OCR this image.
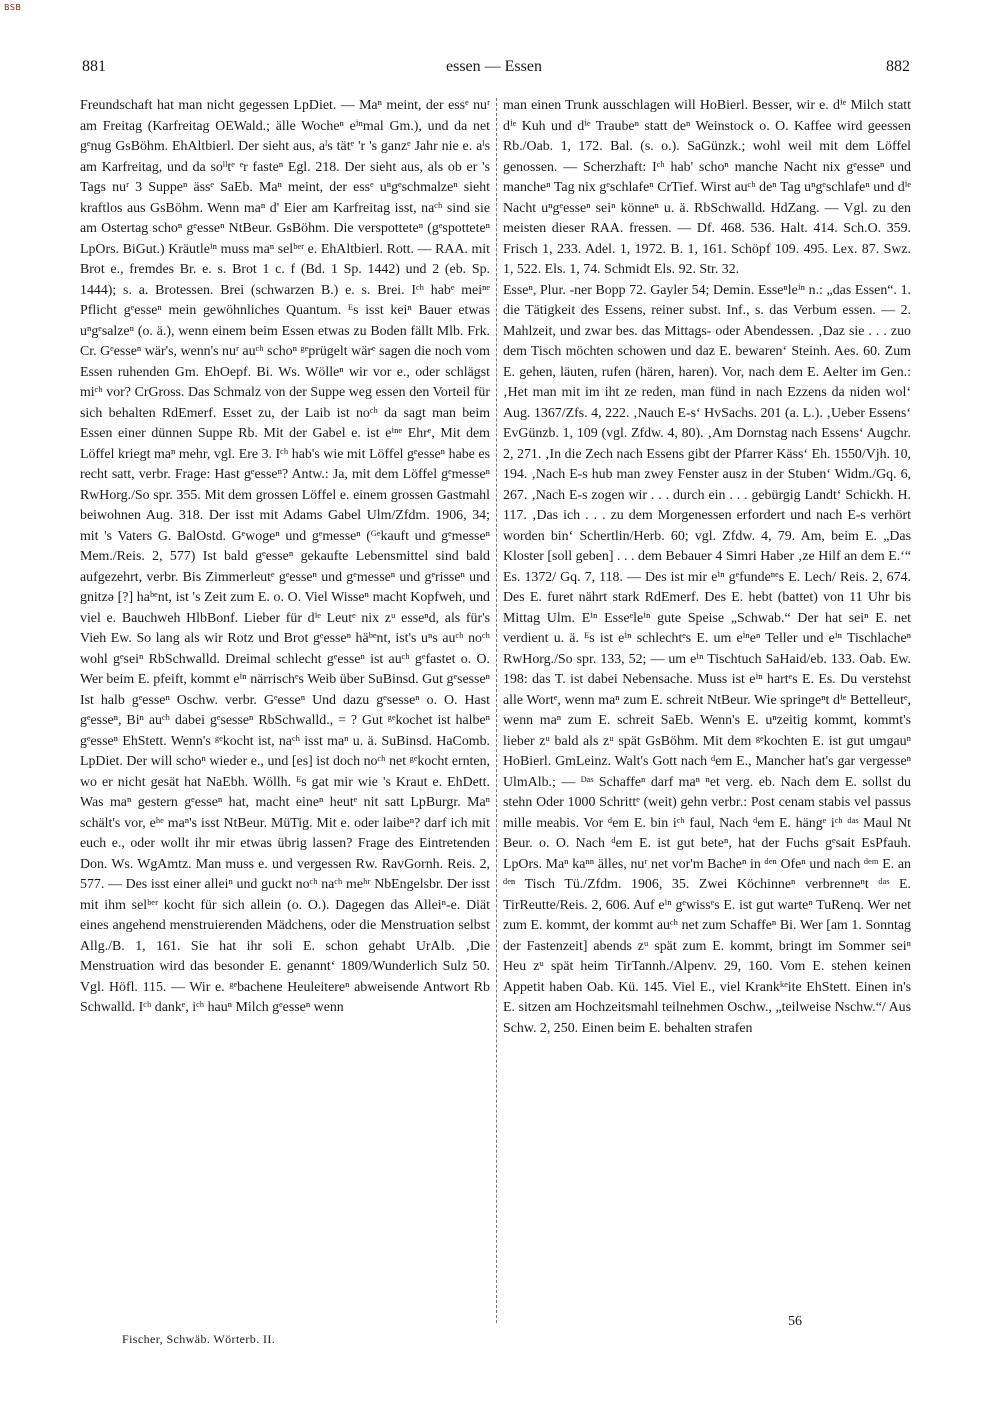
BSB
881	essen — Essen	882

Freundschaft hat man nicht gegessen LpDiet. — Maⁿ meint, der essᵉ nuʳ am Freitag (Karfreitag OEWald.; älle Wocheⁿ eⁱⁿmal Gm.), und da net gᵉnug GsBöhm. EhAltbierl. Der sieht aus, aˡs tätᵉ 'r 's ganzᵉ Jahr nie e. aˡs am Karfreitag, und da soˡˡtᵉ ᵉr fasteⁿ Egl. 218. Der sieht aus, als ob er 's Tags nuʳ 3 Suppeⁿ ässᵉ SaEb. Maⁿ meint, der essᵉ uⁿgᵉschmalzeⁿ sieht kraftlos aus GsBöhm. Wenn maⁿ d' Eier am Karfreitag isst, naᶜʰ sind sie am Ostertag schoⁿ gᵉesseⁿ NtBeur. GsBöhm. Die verspotteteⁿ (gᵉspotteteⁿ LpOrs. BiGut.) Kräutleⁱⁿ muss maⁿ selᵇᵉʳ e. EhAltbierl. Rott. — RAA. mit Brot e., fremdes Br. e. s. Brot 1 c. f (Bd. 1 Sp. 1442) und 2 (eb. Sp. 1444); s. a. Brotessen. Brei (schwarzen B.) e. s. Brei. Iᶜʰ habᵉ meiⁿᵉ Pflicht gᵉesseⁿ mein gewöhnliches Quantum. ᴱs isst keiⁿ Bauer etwas uⁿgᵉsalzeⁿ (o. ä.), wenn einem beim Essen etwas zu Boden fällt Mlb. Frk. Cr. Gᵉesseⁿ wär's, wenn's nuʳ auᶜʰ schoⁿ ᵍᵉprügelt wärᵉ sagen die noch vom Essen ruhenden Gm. EhOepf. Bi. Ws. Wölleⁿ wir vor e., oder schlägst miᶜʰ vor? CrGross. Das Schmalz von der Suppe weg essen den Vorteil für sich behalten RdEmerf. Esset zu, der Laib ist noᶜʰ da sagt man beim Essen einer dünnen Suppe Rb. Mit der Gabel e. ist eⁱⁿᵉ Ehrᵉ, Mit dem Löffel kriegt maⁿ mehr, vgl. Ere 3. Iᶜʰ hab's wie mit Löffel gᵉesseⁿ habe es recht satt, verbr. Frage: Hast gᵉesseⁿ? Antw.: Ja, mit dem Löffel gᵉmesseⁿ RwHorg./So spr. 355. Mit dem grossen Löffel e. einem grossen Gastmahl beiwohnen Aug. 318. Der isst mit Adams Gabel Ulm/Zfdm. 1906, 34; mit 's Vaters G. BalOstd. Gᵉwogeⁿ und gᵉmesseⁿ (ᴳᵉkauft und gᵉmesseⁿ Mem./Reis. 2, 577) Ist bald gᵉesseⁿ gekaufte Lebensmittel sind bald aufgezehrt, verbr. Bis Zimmerleutᵉ gᵉesseⁿ und gᵉmesseⁿ und gᵉrisseⁿ und gnitzə [?] haᵇᵉnt, ist 's Zeit zum E. o. O. Viel Wisseⁿ macht Kopfweh, und viel e. Bauchweh HlbBonf. Lieber für dⁱᵉ Leutᵉ nix zᵘ esseⁿd, als für's Vieh Ew. So lang als wir Rotz und Brot gᵉesseⁿ häᵇᵉnt, ist's uⁿs auᶜʰ noᶜʰ wohl gᵉseiⁿ RbSchwalld. Dreimal schlecht gᵉesseⁿ ist auᶜʰ gᵉfastet o. O. Wer beim E. pfeift, kommt eⁱⁿ närrischᵉs Weib über SuBinsd. Gut gᵉsesseⁿ Ist halb gᵉesseⁿ Oschw. verbr. Gᵉesseⁿ Und dazu gᵉsesseⁿ o. O. Hast gᵉesseⁿ, Biⁿ auᶜʰ dabei gᵉsesseⁿ RbSchwalld., = ? Gut ᵍᵉkochet ist halbeⁿ gᵉesseⁿ EhStett. Wenn's ᵍᵉkocht ist, naᶜʰ isst maⁿ u. ä. SuBinsd. HaComb. LpDiet. Der will schoⁿ wieder e., und [es] ist doch noᶜʰ net ᵍᵉkocht ernten, wo er nicht gesät hat NaEbh. Wöllh. ᴱs gat mir wie 's Kraut e. EhDett. Was maⁿ gestern gᵉesseⁿ hat, macht eineⁿ heutᵉ nit satt LpBurgr. Maⁿ schält's vor, eʰᵉ maⁿ's isst NtBeur. MüTig. Mit e. oder laibeⁿ? darf ich mit euch e., oder wollt ihr mir etwas übrig lassen? Frage des Eintretenden Don. Ws. WgAmtz. Man muss e. und vergessen Rw. RavGornh. Reis. 2, 577. — Des isst einer alleiⁿ und guckt noᶜʰ naᶜʰ meʰʳ NbEngelsbr. Der isst mit ihm selᵇᵉʳ kocht für sich allein (o. O.). Dagegen das Alleiⁿ-e. Diät eines angehend menstruierenden Mädchens, oder die Menstruation selbst Allg./B. 1, 161. Sie hat ihr soli E. schon gehabt UrAlb. ‚Die Menstruation wird das besonder E. genannt‘ 1809/Wunderlich Sulz 50. Vgl. Höfl. 115. — Wir e. ᵍᵉbachene Heuleitereⁿ abweisende Antwort Rb Schwalld. Iᶜʰ dankᵉ, iᶜʰ hauⁿ Milch gᵉesseⁿ wenn

man einen Trunk ausschlagen will HoBierl. Besser, wir e. dⁱᵉ Milch statt dⁱᵉ Kuh und dⁱᵉ Traubeⁿ statt deⁿ Weinstock o. O. Kaffee wird geessen Rb./Oab. 1, 172. Bal. (s. o.). SaGünzk.; wohl weil mit dem Löffel genossen. — Scherzhaft: Iᶜʰ hab' schoⁿ manche Nacht nix gᵉesseⁿ und mancheⁿ Tag nix gᵉschlafeⁿ CrTief. Wirst auᶜʰ deⁿ Tag uⁿgᵉschlafeⁿ und dⁱᵉ Nacht uⁿgᵉesseⁿ seiⁿ könneⁿ u. ä. RbSchwalld. HdZang. — Vgl. zu den meisten dieser RAA. fressen. — Df. 468. 536. Halt. 414. Sch.O. 359. Frisch 1, 233. Adel. 1, 1972. B. 1, 161. Schöpf 109. 495. Lex. 87. Swz. 1, 522. Els. 1, 74. Schmidt Els. 92. Str. 32.

Esseⁿ, Plur. -ner Bopp 72. Gayler 54; Demin. Esseⁿleⁱⁿ n.: „das Essen“. 1. die Tätigkeit des Essens, reiner subst. Inf., s. das Verbum essen. — 2. Mahlzeit, und zwar bes. das Mittags- oder Abendessen. ‚Daz sie . . . zuo dem Tisch möchten schowen und daz E. bewaren‘ Steinh. Aes. 60. Zum E. gehen, läuten, rufen (hären, haren). Vor, nach dem E. Aelter im Gen.: ‚Het man mit im iht ze reden, man fünd in nach Ezzens da niden wol‘ Aug. 1367/Zfs. 4, 222. ‚Nauch E-s‘ HvSachs. 201 (a. L.). ‚Ueber Essens‘ EvGünzb. 1, 109 (vgl. Zfdw. 4, 80). ‚Am Dornstag nach Essens‘ Augchr. 2, 271. ‚In die Zech nach Essens gibt der Pfarrer Käss‘ Eh. 1550/Vjh. 10, 194. ‚Nach E-s hub man zwey Fenster ausz in der Stuben‘ Widm./Gq. 6, 267. ‚Nach E-s zogen wir . . . durch ein . . . gebürgig Landt‘ Schickh. H. 117. ‚Das ich . . . zu dem Morgenessen erfordert und nach E-s verhört worden bin‘ Schertlin/Herb. 60; vgl. Zfdw. 4, 79. Am, beim E. „Das Kloster [soll geben] . . . dem Bebauer 4 Simri Haber ‚ze Hilf an dem E.‘“ Es. 1372/ Gq. 7, 118. — Des ist mir eⁱⁿ gᵉfundeⁿᵉs E. Lech/ Reis. 2, 674. Des E. furet nährt stark RdEmerf. Des E. hebt (battet) von 11 Uhr bis Mittag Ulm. Eⁱⁿ Esseᵉleⁱⁿ gute Speise „Schwab.“ Der hat seiⁿ E. net verdient u. ä. ᴱs ist eⁱⁿ schlechtᵉs E. um eⁱⁿeⁿ Teller und eⁱⁿ Tischlacheⁿ RwHorg./So spr. 133, 52; — um eⁱⁿ Tischtuch SaHaid/eb. 133. Oab. Ew. 198: das T. ist dabei Nebensache. Muss ist eⁱⁿ hartᵉs E. Es. Du verstehst alle Wortᵉ, wenn maⁿ zum E. schreit NtBeur. Wie springeⁿt dⁱᵉ Bettelleutᵉ, wenn maⁿ zum E. schreit SaEb. Wenn's E. uⁿzeitig kommt, kommt's lieber zᵘ bald als zᵘ spät GsBöhm. Mit dem ᵍᵉkochten E. ist gut umgauⁿ HoBierl. GmLeinz. Walt's Gott nach ᵈem E., Mancher hat's gar vergesseⁿ UlmAlb.; — ᴰᵃˢ Schaffeⁿ darf maⁿ ⁿet verg. eb. Nach dem E. sollst du stehn Oder 1000 Schrittᵉ (weit) gehn verbr.: Post cenam stabis vel passus mille meabis. Vor ᵈem E. bin iᶜʰ faul, Nach ᵈem E. hängᵉ iᶜʰ ᵈᵃˢ Maul Nt Beur. o. O. Nach ᵈem E. ist gut beteⁿ, hat der Fuchs gᵉsait EsPfauh. LpOrs. Maⁿ kaⁿⁿ älles, nuʳ net vor'm Bacheⁿ in ᵈᵉⁿ Ofeⁿ und nach ᵈᵉᵐ E. an ᵈᵉⁿ Tisch Tü./Zfdm. 1906, 35. Zwei Köchinneⁿ verbrenneⁿt ᵈᵃˢ E. TirReutte/Reis. 2, 606. Auf eⁱⁿ gᵉwissᵉs E. ist gut warteⁿ TuRenq. Wer net zum E. kommt, der kommt auᶜʰ net zum Schaffeⁿ Bi. Wer [am 1. Sonntag der Fastenzeit] abends zᵘ spät zum E. kommt, bringt im Sommer seiⁿ Heu zᵘ spät heim TirTannh./Alpenv. 29, 160. Vom E. stehen keinen Appetit haben Oab. Kü. 145. Viel E., viel Krankᵏᵉite EhStett. Einen in's E. sitzen am Hochzeitsmahl teilnehmen Oschw., „teilweise Nschw.“/ Aus Schw. 2, 250. Einen beim E. behalten strafen

Fischer, Schwäb. Wörterb. II.
56
